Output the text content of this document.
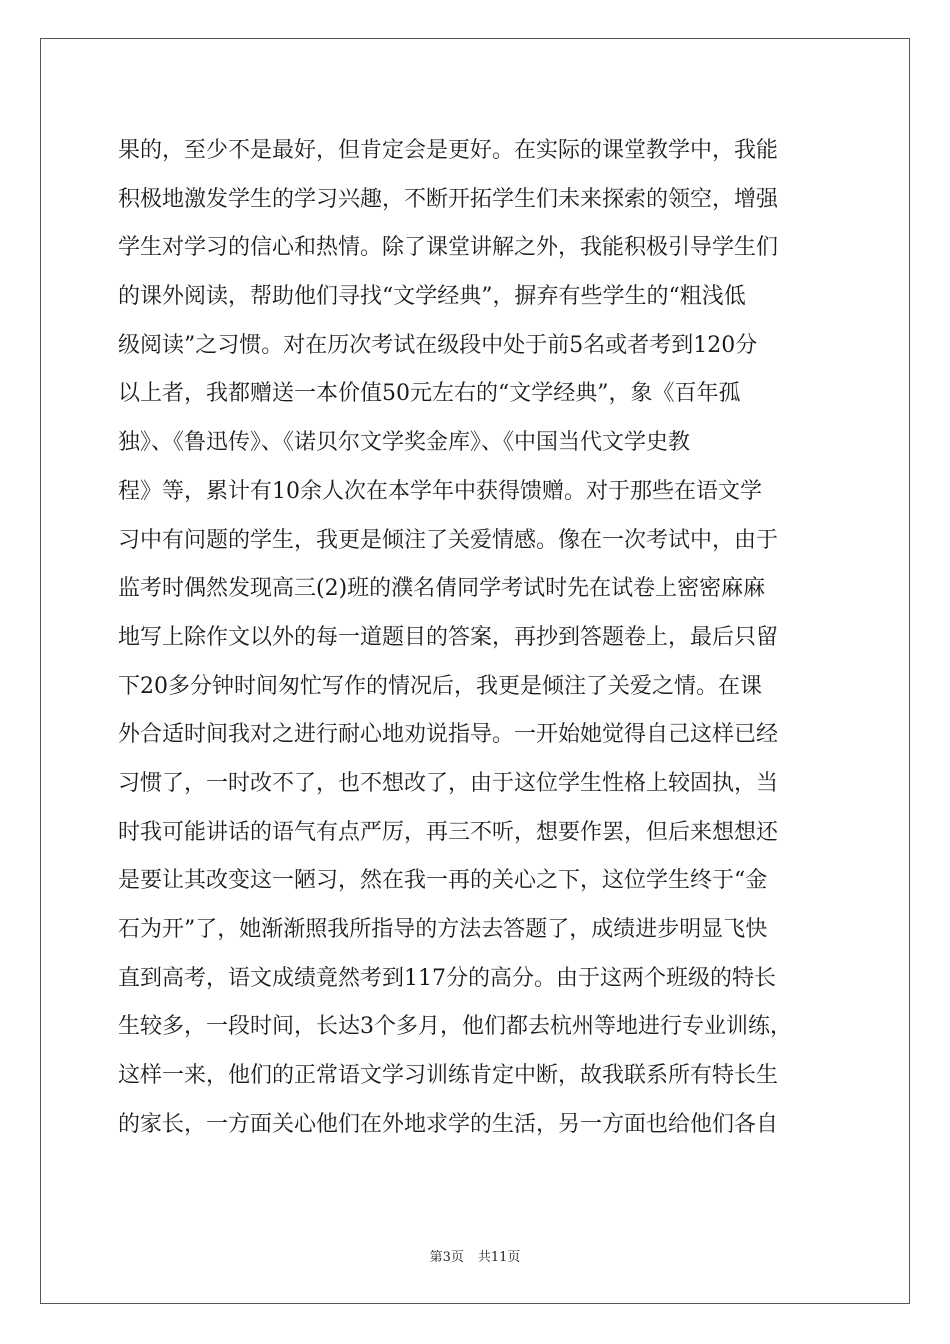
果的，至少不是最好，但肯定会是更好。在实际的课堂教学中，我能
积极地激发学生的学习兴趣，不断开拓学生们未来探索的领空，增强
学生对学习的信心和热情。除了课堂讲解之外，我能积极引导学生们
的课外阅读，帮助他们寻找“文学经典”，摒弃有些学生的“粗浅低
级阅读”之习惯。对在历次考试在级段中处于前5名或者考到120分
以上者，我都赠送一本价值50元左右的“文学经典”，象《百年孤
独》、《鲁迅传》、《诺贝尔文学奖金库》、《中国当代文学史教
程》等，累计有10余人次在本学年中获得馈赠。对于那些在语文学
习中有问题的学生，我更是倾注了关爱情感。像在一次考试中，由于
监考时偶然发现高三(2)班的濮名倩同学考试时先在试卷上密密麻麻
地写上除作文以外的每一道题目的答案，再抄到答题卷上，最后只留
下20多分钟时间匆忙写作的情况后，我更是倾注了关爱之情。在课
外合适时间我对之进行耐心地劝说指导。一开始她觉得自己这样已经
习惯了，一时改不了，也不想改了，由于这位学生性格上较固执，当
时我可能讲话的语气有点严厉，再三不听，想要作罢，但后来想想还
是要让其改变这一陋习，然在我一再的关心之下，这位学生终于“金
石为开”了，她渐渐照我所指导的方法去答题了，成绩进步明显飞快
直到高考，语文成绩竟然考到117分的高分。由于这两个班级的特长
生较多，一段时间，长达3个多月，他们都去杭州等地进行专业训练，
这样一来，他们的正常语文学习训练肯定中断，故我联系所有特长生
的家长，一方面关心他们在外地求学的生活，另一方面也给他们各自
第3页 共11页
